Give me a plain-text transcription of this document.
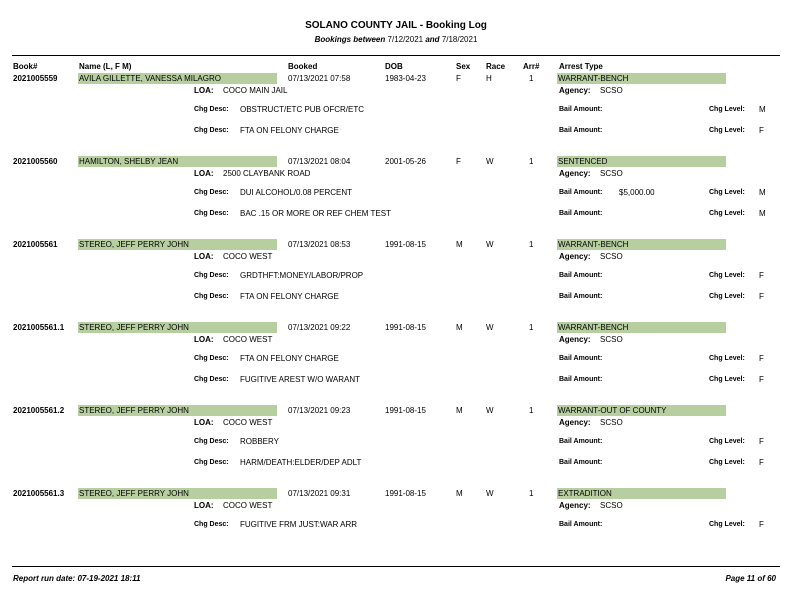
SOLANO COUNTY JAIL - Booking Log
Bookings between 7/12/2021 and 7/18/2021
Book#	Name (L, F M)	Booked	DOB	Sex Race Arr# Arrest Type
2021005559	AVILA GILLETTE, VANESSA MILAGRO	07/13/2021 07:58	1983-04-23	F	H	1	WARRANT-BENCH
LOA: COCO MAIN JAIL	Agency: SCSO
Chg Desc: OBSTRUCT/ETC PUB OFCR/ETC	Bail Amount:	Chg Level: M
Chg Desc: FTA ON FELONY CHARGE	Bail Amount:	Chg Level: F
2021005560	HAMILTON, SHELBY JEAN	07/13/2021 08:04	2001-05-26	F	W	1	SENTENCED
LOA: 2500 CLAYBANK ROAD	Agency: SCSO
Chg Desc: DUI ALCOHOL/0.08 PERCENT	Bail Amount: $5,000.00	Chg Level: M
Chg Desc: BAC .15 OR MORE OR REF CHEM TEST	Bail Amount:	Chg Level: M
2021005561	STEREO, JEFF PERRY JOHN	07/13/2021 08:53	1991-08-15	M	W	1	WARRANT-BENCH
LOA: COCO WEST	Agency: SCSO
Chg Desc: GRDTHFT:MONEY/LABOR/PROP	Bail Amount:	Chg Level: F
Chg Desc: FTA ON FELONY CHARGE	Bail Amount:	Chg Level: F
2021005561.1 STEREO, JEFF PERRY JOHN	07/13/2021 09:22	1991-08-15	M	W	1	WARRANT-BENCH
LOA: COCO WEST	Agency: SCSO
Chg Desc: FTA ON FELONY CHARGE	Bail Amount:	Chg Level: F
Chg Desc: FUGITIVE AREST W/O WARANT	Bail Amount:	Chg Level: F
2021005561.2 STEREO, JEFF PERRY JOHN	07/13/2021 09:23	1991-08-15	M	W	1	WARRANT-OUT OF COUNTY
LOA: COCO WEST	Agency: SCSO
Chg Desc: ROBBERY	Bail Amount:	Chg Level: F
Chg Desc: HARM/DEATH:ELDER/DEP ADLT	Bail Amount:	Chg Level: F
2021005561.3 STEREO, JEFF PERRY JOHN	07/13/2021 09:31	1991-08-15	M	W	1	EXTRADITION
LOA: COCO WEST	Agency: SCSO
Chg Desc: FUGITIVE FRM JUST:WAR ARR	Bail Amount:	Chg Level: F
Report run date: 07-19-2021 18:11	Page 11 of 60
